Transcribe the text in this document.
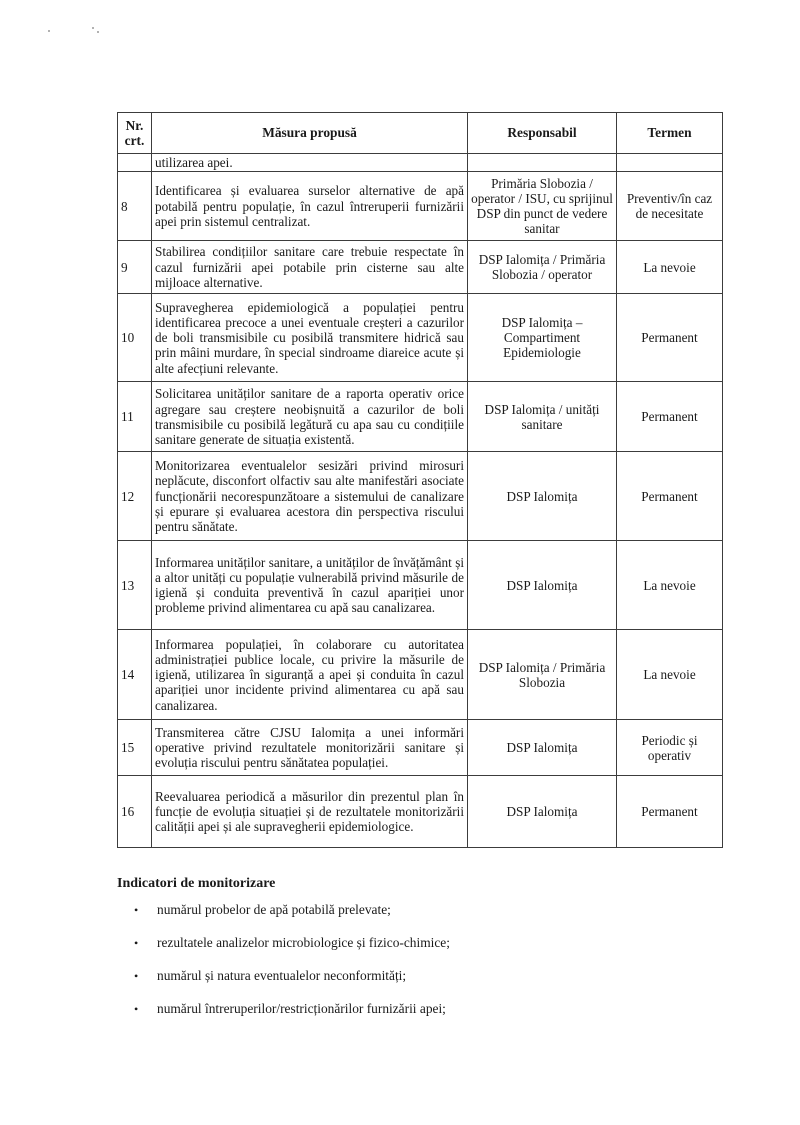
Nr. crt.	Măsura propusă	Responsabil	Termen
	utilizarea apei.		
8	Identificarea și evaluarea surselor alternative de apă potabilă pentru populație, în cazul întreruperii furnizării apei prin sistemul centralizat.	Primăria Slobozia / operator / ISU, cu sprijinul DSP din punct de vedere sanitar	Preventiv/în caz de necesitate
9	Stabilirea condițiilor sanitare care trebuie respectate în cazul furnizării apei potabile prin cisterne sau alte mijloace alternative.	DSP Ialomița / Primăria Slobozia / operator	La nevoie
10	Supravegherea epidemiologică a populației pentru identificarea precoce a unei eventuale creșteri a cazurilor de boli transmisibile cu posibilă transmitere hidrică sau prin mâini murdare, în special sindroame diareice acute și alte afecțiuni relevante.	DSP Ialomița – Compartiment Epidemiologie	Permanent
11	Solicitarea unităților sanitare de a raporta operativ orice agregare sau creștere neobișnuită a cazurilor de boli transmisibile cu posibilă legătură cu apa sau cu condițiile sanitare generate de situația existentă.	DSP Ialomița / unități sanitare	Permanent
12	Monitorizarea eventualelor sesizări privind mirosuri neplăcute, disconfort olfactiv sau alte manifestări asociate funcționării necorespunzătoare a sistemului de canalizare și epurare și evaluarea acestora din perspectiva riscului pentru sănătate.	DSP Ialomița	Permanent
13	Informarea unităților sanitare, a unităților de învățământ și a altor unități cu populație vulnerabilă privind măsurile de igienă și conduita preventivă în cazul apariției unor probleme privind alimentarea cu apă sau canalizarea.	DSP Ialomița	La nevoie
14	Informarea populației, în colaborare cu autoritatea administrației publice locale, cu privire la măsurile de igienă, utilizarea în siguranță a apei și conduita în cazul apariției unor incidente privind alimentarea cu apă sau canalizarea.	DSP Ialomița / Primăria Slobozia	La nevoie
15	Transmiterea către CJSU Ialomița a unei informări operative privind rezultatele monitorizării sanitare și evoluția riscului pentru sănătatea populației.	DSP Ialomița	Periodic și operativ
16	Reevaluarea periodică a măsurilor din prezentul plan în funcție de evoluția situației și de rezultatele monitorizării calității apei și ale supravegherii epidemiologice.	DSP Ialomița	Permanent
Indicatori de monitorizare
• numărul probelor de apă potabilă prelevate;
• rezultatele analizelor microbiologice și fizico-chimice;
• numărul și natura eventualelor neconformități;
• numărul întreruperilor/restricționărilor furnizării apei;
